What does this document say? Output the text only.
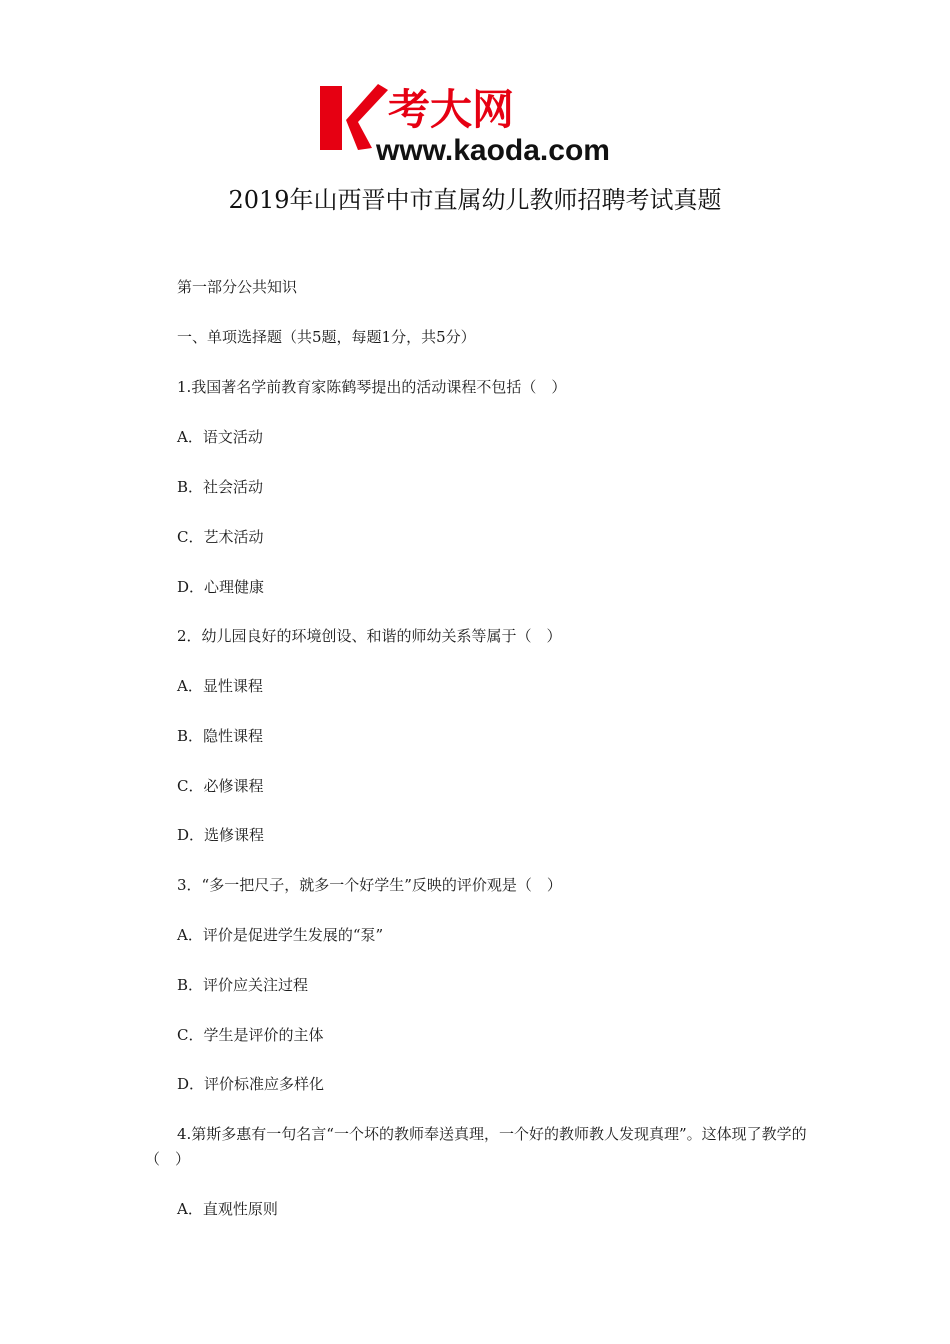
考大网
www.kaoda.com
2019年山西晋中市直属幼儿教师招聘考试真题
第一部分公共知识
一、单项选择题（共5题，每题1分，共5分）
1.我国著名学前教育家陈鹤琴提出的活动课程不包括（　）
A．语文活动
B．社会活动
C．艺术活动
D．心理健康
2．幼儿园良好的环境创设、和谐的师幼关系等属于（　）
A．显性课程
B．隐性课程
C．必修课程
D．选修课程
3．“多一把尺子，就多一个好学生”反映的评价观是（　）
A．评价是促进学生发展的“泵”
B．评价应关注过程
C．学生是评价的主体
D．评价标准应多样化
4.第斯多惠有一句名言“一个坏的教师奉送真理，一个好的教师教人发现真理”。这体现了教学的（　）
A．直观性原则
